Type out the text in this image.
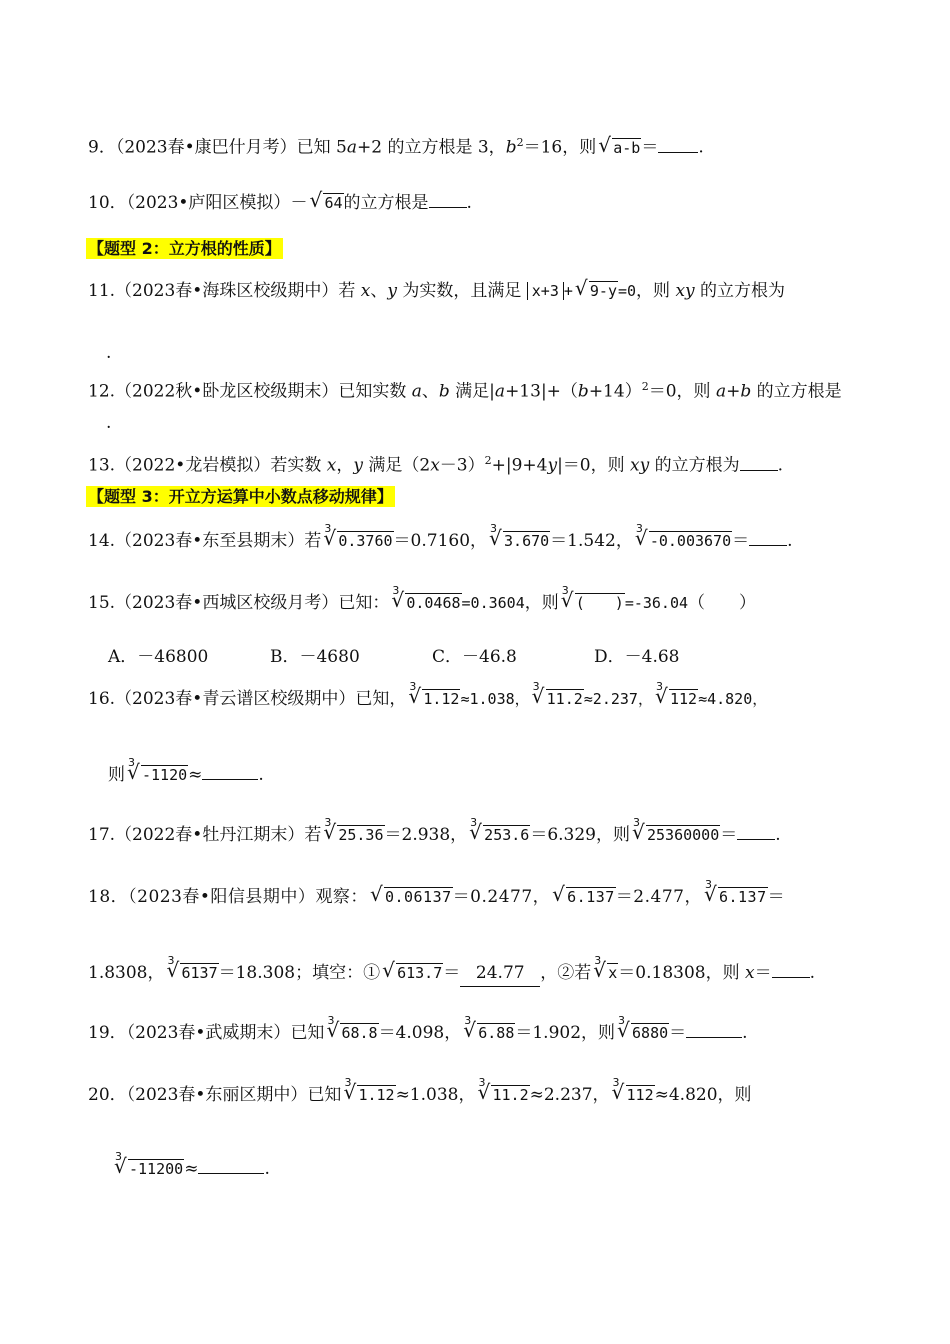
9．（2023春•康巴什月考）已知 5a+2 的立方根是 3，$b^2=16$，则 √ a-b＝ .
10．（2023•庐阳区模拟）－ √ 64的立方根是 .
【题型 2：立方根的性质】
11.（2023春•海珠区校级期中）若 x、y 为实数，且满足 x+3 + √ 9-y=0，则 xy 的立方根为
.
12.（2022秋•卧龙区校级期末）已知实数 a、b 满足$|a+13|+(b+14)^2=0$，则 a+b 的立方根是
.
13.（2022•龙岩模拟）若实数 x，y 满足$(2x-3)^2+|9+4y|=0$，则 xy 的立方根为 .
【题型 3：开立方运算中小数点移动规律】
14.（2023春•东至县期末）若
√ 3
0.3760＝0.7160，
√ 3
3.670＝1.542，
√ 3
-0.003670＝ .
15.（2023春•西城区校级月考）已知：
√ 3
0.0468=0.3604，则
√ 3
(　　)=-36.04（　　）
A．－46800	B．－4680	C．－46.8	D．－4.68
16.（2023春•青云谱区校级期中）已知，
√ 3
1.12≈1.038，
√ 3
11.2≈2.237，
√ 3
112≈4.820，
则
√ 3
-1120≈	.
17.（2022春•牡丹江期末）若
√ 3
25.36＝2.938，
√ 3
253.6＝6.329，则
√ 3
25360000＝ .
18．（2023春•阳信县期中）观察： √ 0.06137＝0.2477， √ 6.137＝2.477，
√ 3
6.137＝
1.8308，
√ 3
6137＝18.308；填空：① √ 613.7＝ 24.77 ，②若
√ 3
x＝0.18308，则 x＝ .
19．（2023春•武威期末）已知
√ 3
68.8＝4.098，
√ 3
6.88＝1.902，则
√ 3
6880＝	.
20．（2023春•东丽区期中）已知
√ 3
1.12≈1.038，
√ 3
11.2≈2.237，
√ 3
112≈4.820，则
√ 3
-11200≈	.
